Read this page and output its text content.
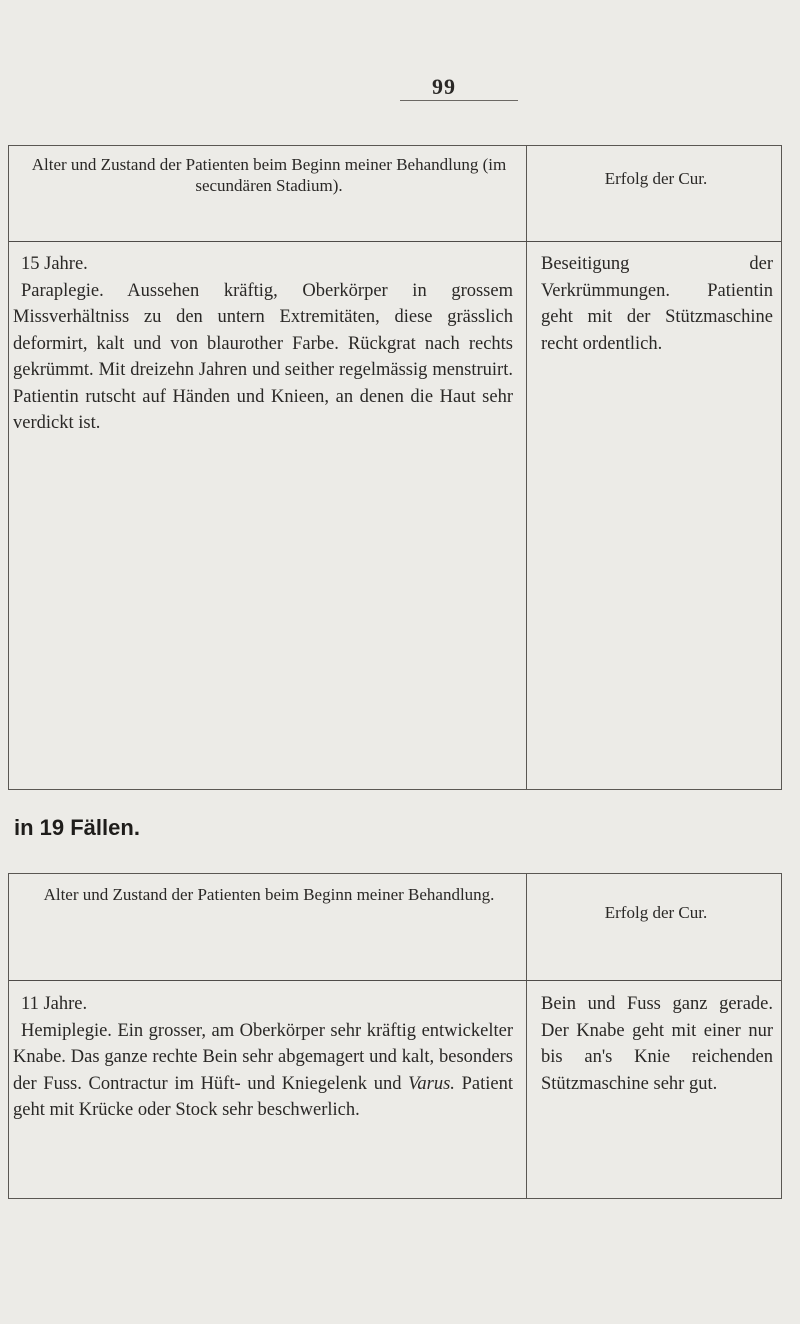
99
Alter und Zustand der Patienten beim Beginn meiner Behandlung (im secundären Stadium).	Erfolg der Cur.
15 Jahre.

Paraplegie. Aussehen kräftig, Oberkörper in grossem Missverhältniss zu den untern Extremitäten, diese grässlich deformirt, kalt und von blaurother Farbe. Rückgrat nach rechts gekrümmt. Mit dreizehn Jahren und seither regelmässig menstruirt. Patientin rutscht auf Händen und Knieen, an denen die Haut sehr verdickt ist.

Beseitigung der Verkrümmungen. Patientin geht mit der Stützmaschine recht ordentlich.

in 19 Fällen.
Alter und Zustand der Patienten beim Beginn meiner Behandlung.
Erfolg der Cur.
11 Jahre.

Hemiplegie. Ein grosser, am Oberkörper sehr kräftig entwickelter Knabe. Das ganze rechte Bein sehr abgemagert und kalt, besonders der Fuss. Contractur im Hüft- und Kniegelenk und Varus. Patient geht mit Krücke oder Stock sehr beschwerlich.

Bein und Fuss ganz gerade. Der Knabe geht mit einer nur bis an's Knie reichenden Stützmaschine sehr gut.
